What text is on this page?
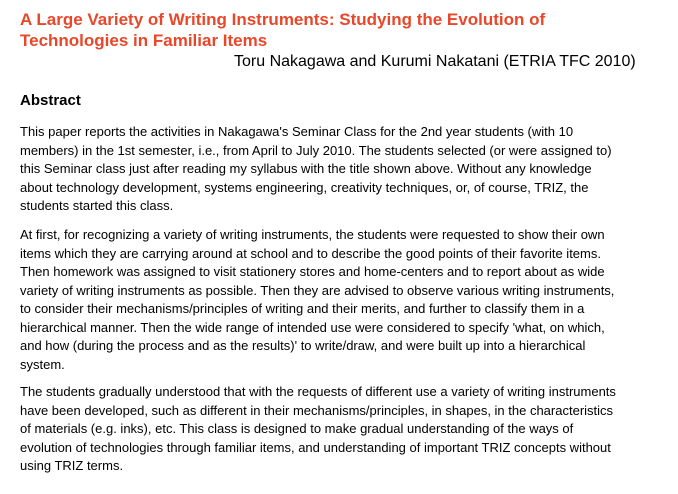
A Large Variety of Writing Instruments: Studying the Evolution of
Technologies in Familiar Items

Toru Nakagawa and Kurumi Nakatani (ETRIA TFC 2010)

Abstract

This paper reports the activities in Nakagawa's Seminar Class for the 2nd year students (with 10
members) in the 1st semester, i.e., from April to July 2010. The students selected (or were assigned to)
this Seminar class just after reading my syllabus with the title shown above. Without any knowledge
about technology development, systems engineering, creativity techniques, or, of course, TRIZ, the
students started this class.

At first, for recognizing a variety of writing instruments, the students were requested to show their own
items which they are carrying around at school and to describe the good points of their favorite items.
Then homework was assigned to visit stationery stores and home-centers and to report about as wide
variety of writing instruments as possible. Then they are advised to observe various writing instruments,
to consider their mechanisms/principles of writing and their merits, and further to classify them in a
hierarchical manner. Then the wide range of intended use were considered to specify 'what, on which,
and how (during the process and as the results)' to write/draw, and were built up into a hierarchical
system.

The students gradually understood that with the requests of different use a variety of writing instruments
have been developed, such as different in their mechanisms/principles, in shapes, in the characteristics
of materials (e.g. inks), etc. This class is designed to make gradual understanding of the ways of
evolution of technologies through familiar items, and understanding of important TRIZ concepts without
using TRIZ terms.
